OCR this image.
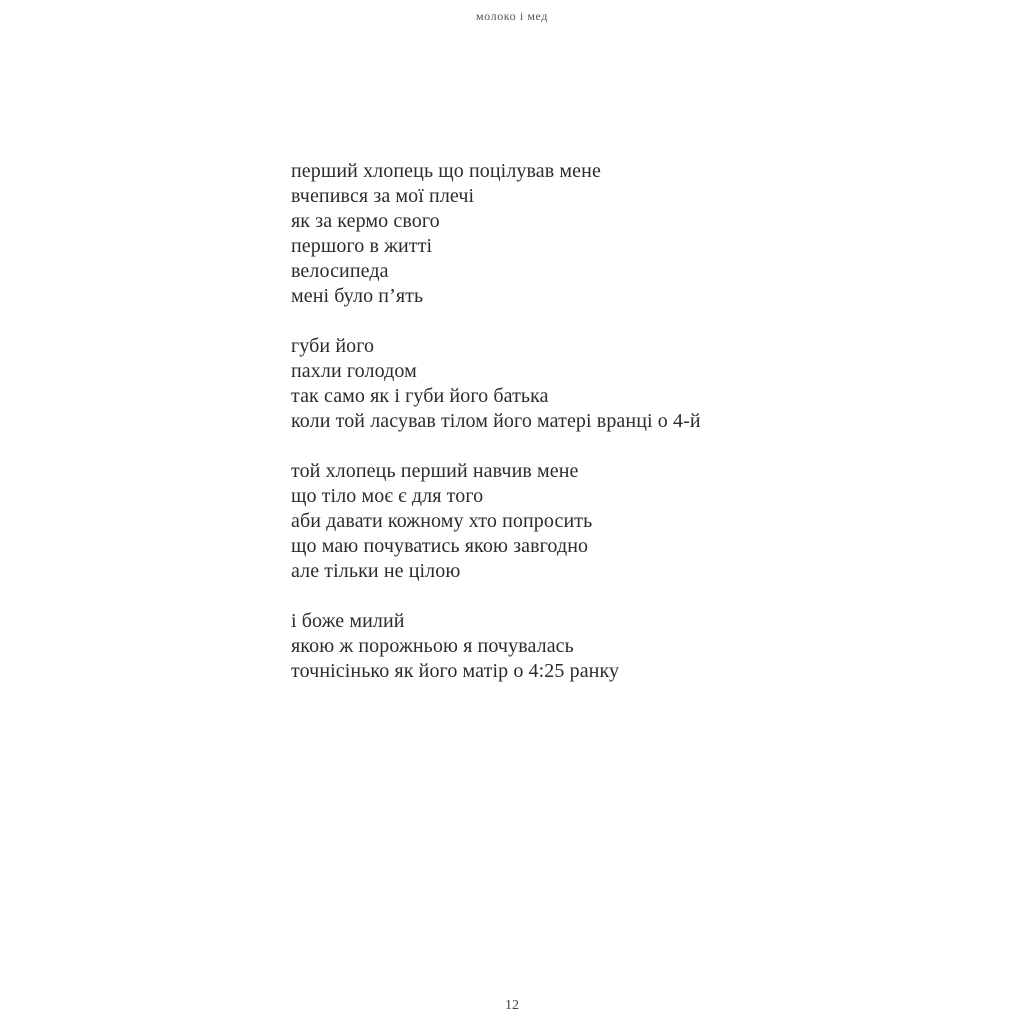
молоко і мед
перший хлопець що поцілував мене
вчепився за мої плечі
як за кермо свого
першого в житті
велосипеда
мені було п’ять
губи його
пахли голодом
так само як і губи його батька
коли той ласував тілом його матері вранці о 4-й
той хлопець перший навчив мене
що тіло моє є для того
аби давати кожному хто попросить
що маю почуватись якою завгодно
але тільки не цілою
і боже милий
якою ж порожньою я почувалась
точнісінько як його матір о 4:25 ранку
12
